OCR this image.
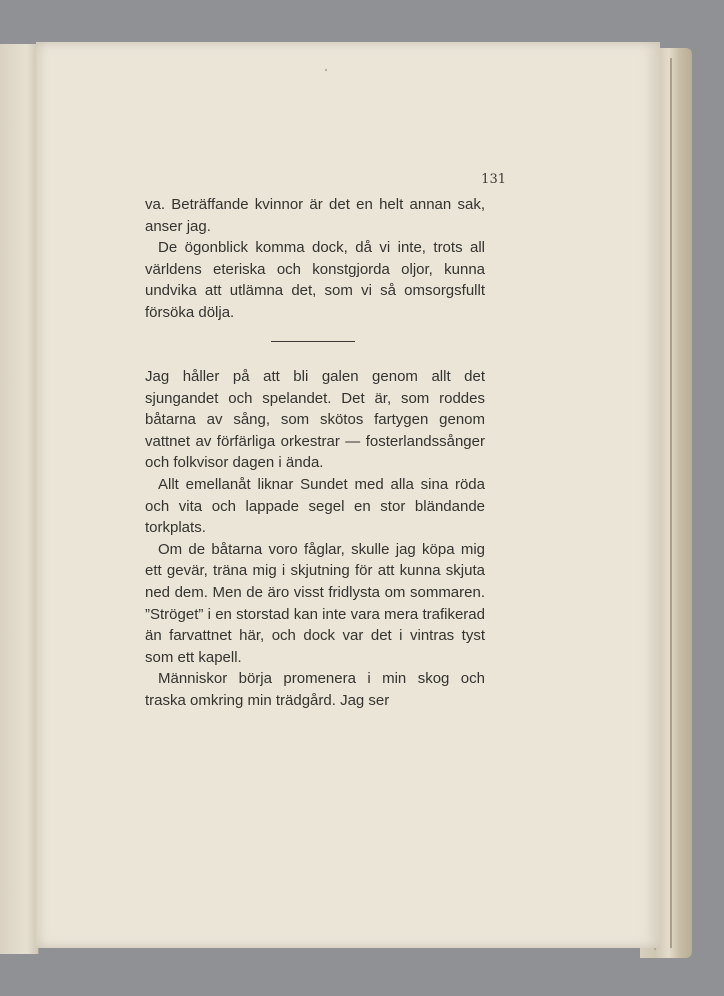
131

va. Beträffande kvinnor är det en helt annan sak, anser jag.

De ögonblick komma dock, då vi inte, trots all världens eteriska och konstgjorda oljor, kunna undvika att utlämna det, som vi så omsorgsfullt försöka dölja.

Jag håller på att bli galen genom allt det sjungandet och spelandet. Det är, som roddes båtarna av sång, som skötos fartygen genom vattnet av förfärliga orkestrar — fosterlandssånger och folkvisor dagen i ända.

Allt emellanåt liknar Sundet med alla sina röda och vita och lappade segel en stor bländande torkplats.

Om de båtarna voro fåglar, skulle jag köpa mig ett gevär, träna mig i skjutning för att kunna skjuta ned dem. Men de äro visst fridlysta om sommaren. ”Ströget” i en storstad kan inte vara mera trafikerad än farvattnet här, och dock var det i vintras tyst som ett kapell.

Människor börja promenera i min skog och traska omkring min trädgård. Jag ser
